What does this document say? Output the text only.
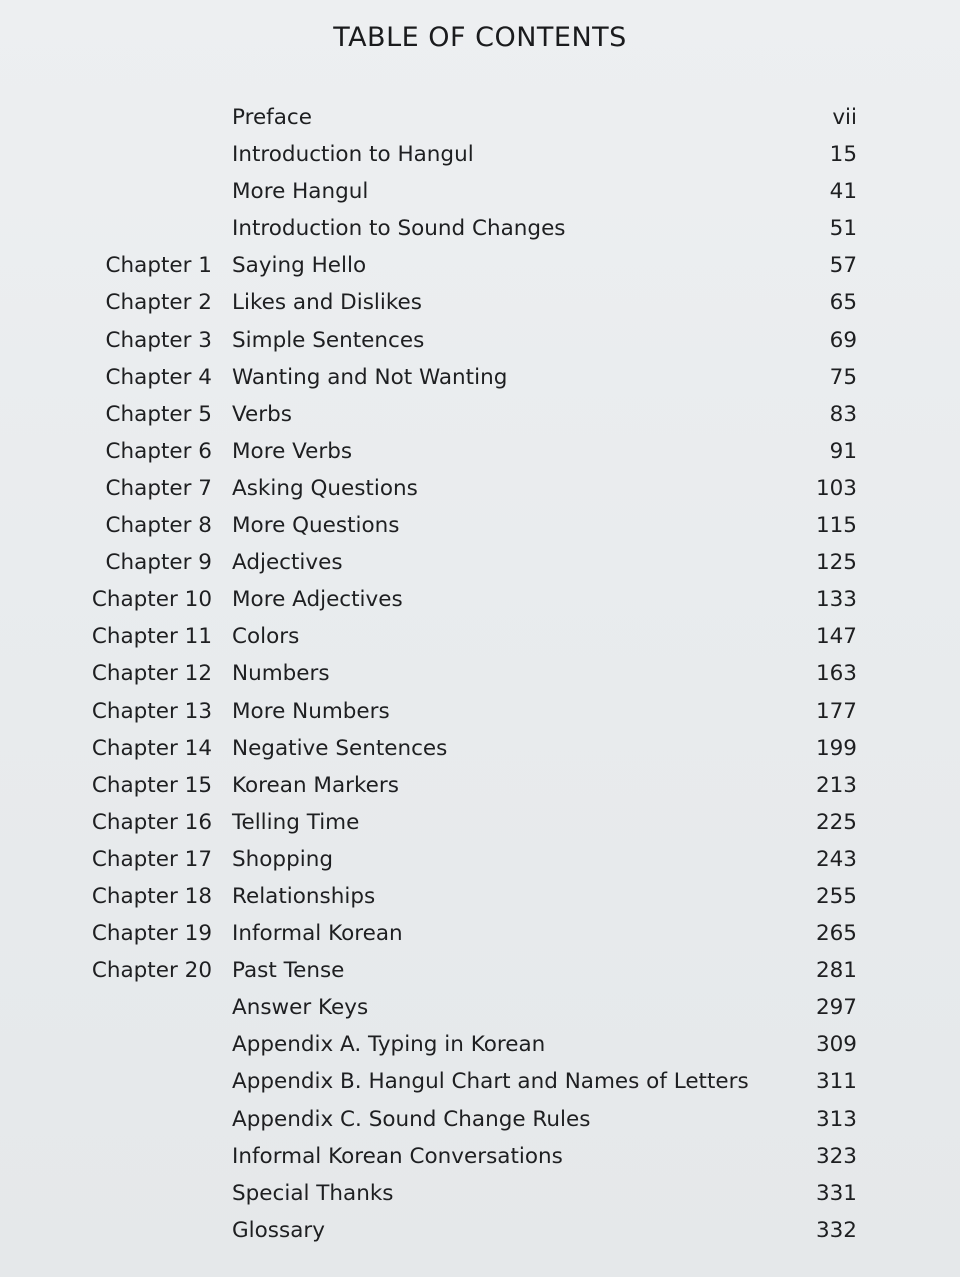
TABLE OF CONTENTS
Preface	vii
Introduction to Hangul	15
More Hangul	41
Introduction to Sound Changes	51
Chapter 1 Saying Hello	57
Chapter 2 Likes and Dislikes	65
Chapter 3 Simple Sentences	69
Chapter 4 Wanting and Not Wanting	75
Chapter 5 Verbs	83
Chapter 6 More Verbs	91
Chapter 7 Asking Questions	103
Chapter 8 More Questions	115
Chapter 9 Adjectives	125
Chapter 10 More Adjectives	133
Chapter 11 Colors	147
Chapter 12 Numbers	163
Chapter 13 More Numbers	177
Chapter 14 Negative Sentences	199
Chapter 15 Korean Markers	213
Chapter 16 Telling Time	225
Chapter 17 Shopping	243
Chapter 18 Relationships	255
Chapter 19 Informal Korean	265
Chapter 20 Past Tense	281
Answer Keys	297
Appendix A. Typing in Korean	309
Appendix B. Hangul Chart and Names of Letters	311
Appendix C. Sound Change Rules	313
Informal Korean Conversations	323
Special Thanks	331
Glossary	332
